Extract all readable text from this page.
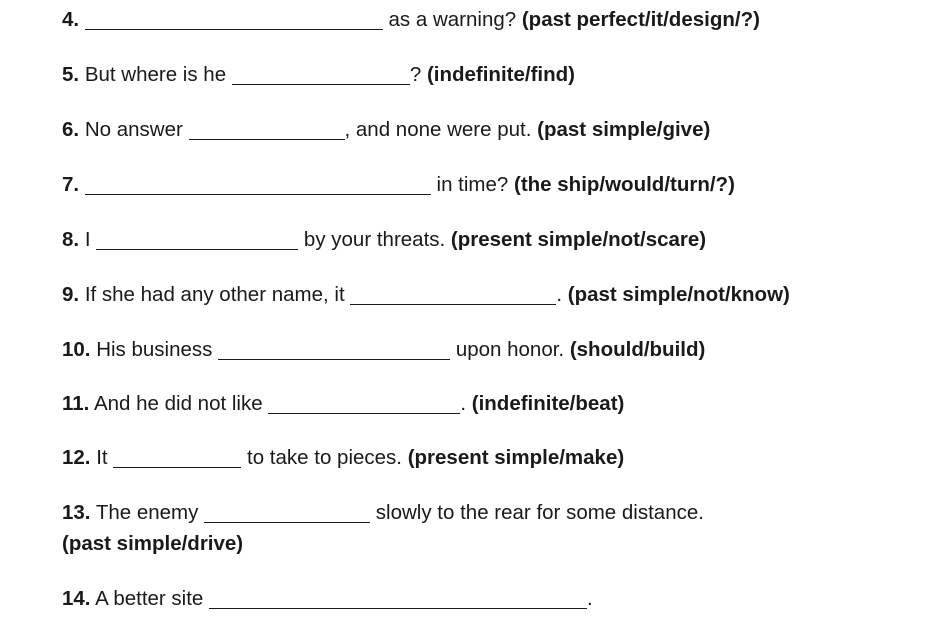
4.	as a warning? (past perfect/it/design/?)
5. But where is he	? (indefinite/find)
6. No answer	, and none were put. (past simple/give)
7.	in time? (the ship/would/turn/?)
8. I	by your threats. (present simple/not/scare)
9. If she had any other name, it	. (past simple/not/know)
10. His business	upon honor. (should/build)
11. And he did not like	. (indefinite/beat)
12. It	to take to pieces. (present simple/make)
13. The enemy	slowly to the rear for some distance.
(past simple/drive)
14. A better site	.
